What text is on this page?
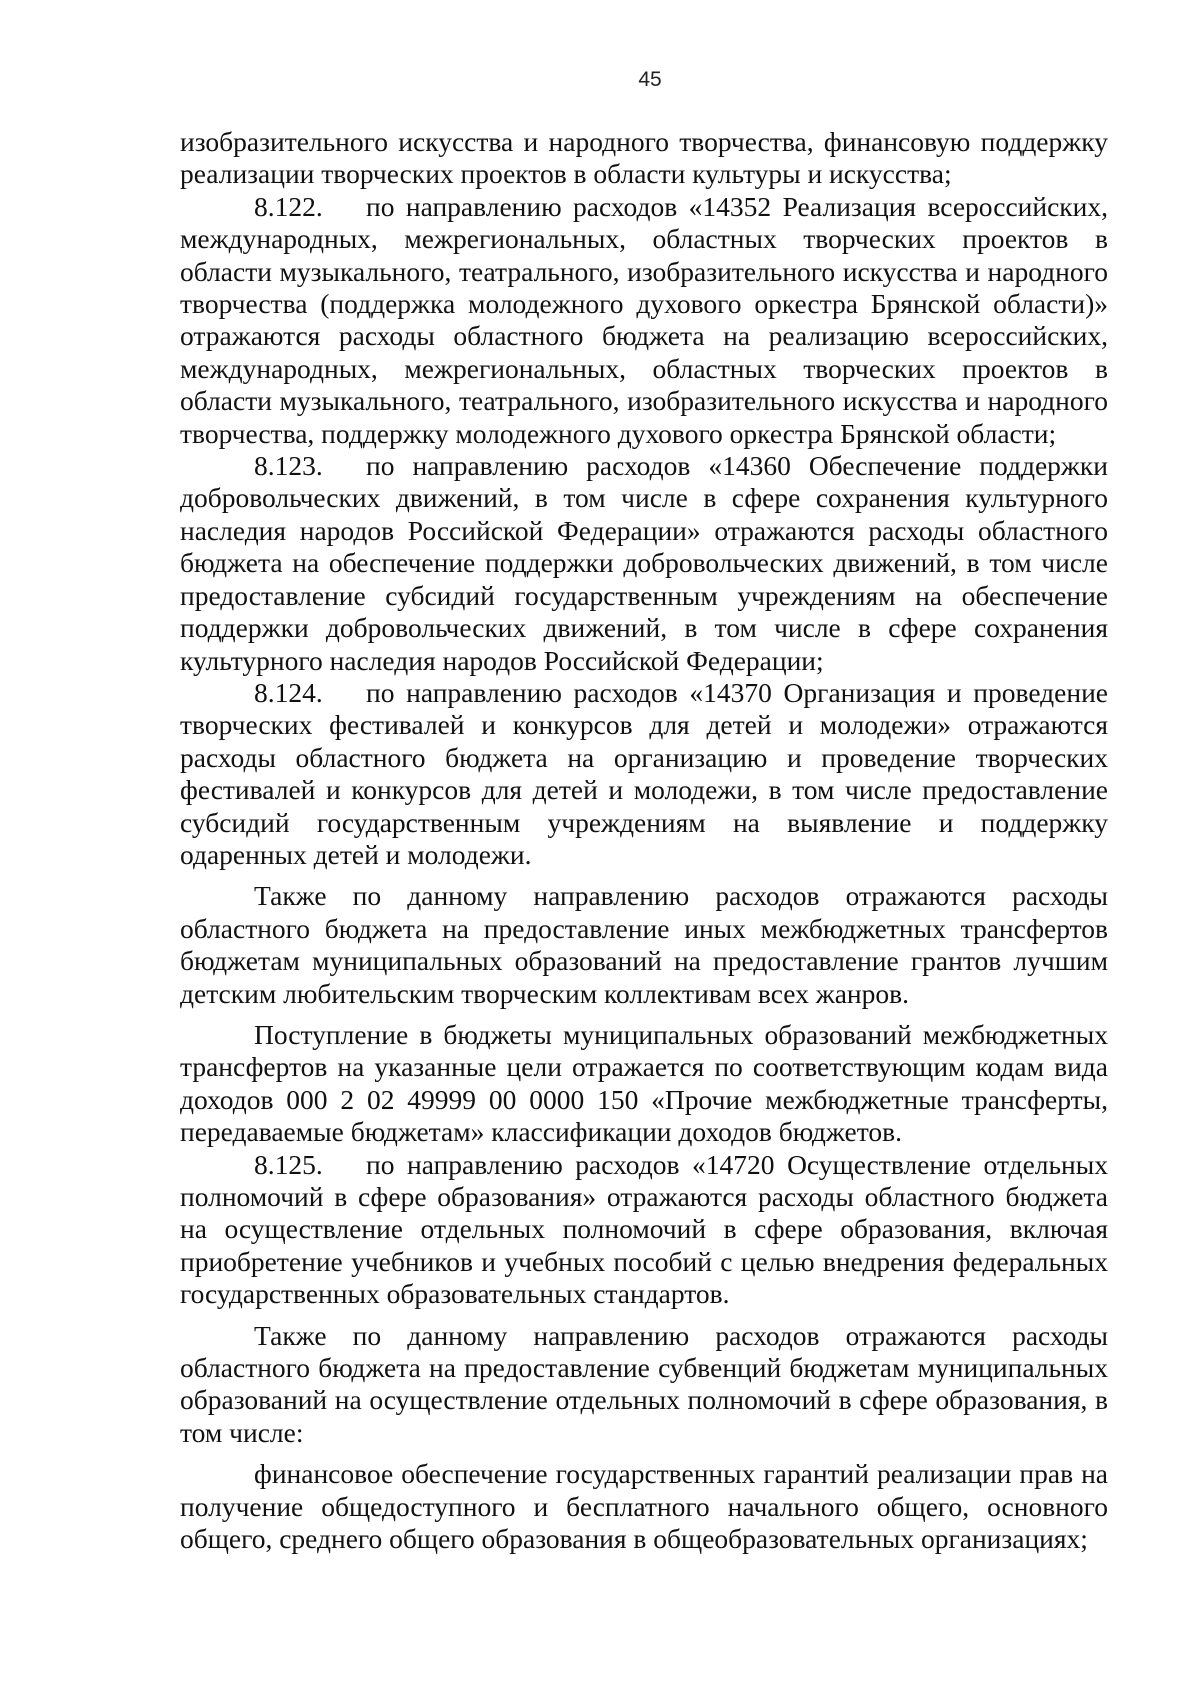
45

изобразительного искусства и народного творчества, финансовую поддержку реализации творческих проектов в области культуры и искусства;

8.122. по направлению расходов «14352 Реализация всероссийских, международных, межрегиональных, областных творческих проектов в области музыкального, театрального, изобразительного искусства и народного творчества (поддержка молодежного духового оркестра Брянской области)» отражаются расходы областного бюджета на реализацию всероссийских, международных, межрегиональных, областных творческих проектов в области музыкального, театрального, изобразительного искусства и народного творчества, поддержку молодежного духового оркестра Брянской области;

8.123. по направлению расходов «14360 Обеспечение поддержки добровольческих движений, в том числе в сфере сохранения культурного наследия народов Российской Федерации» отражаются расходы областного бюджета на обеспечение поддержки добровольческих движений, в том числе предоставление субсидий государственным учреждениям на обеспечение поддержки добровольческих движений, в том числе в сфере сохранения культурного наследия народов Российской Федерации;

8.124. по направлению расходов «14370 Организация и проведение творческих фестивалей и конкурсов для детей и молодежи» отражаются расходы областного бюджета на организацию и проведение творческих фестивалей и конкурсов для детей и молодежи, в том числе предоставление субсидий государственным учреждениям на выявление и поддержку одаренных детей и молодежи.

Также по данному направлению расходов отражаются расходы областного бюджета на предоставление иных межбюджетных трансфертов бюджетам муниципальных образований на предоставление грантов лучшим детским любительским творческим коллективам всех жанров.

Поступление в бюджеты муниципальных образований межбюджетных трансфертов на указанные цели отражается по соответствующим кодам вида доходов 000 2 02 49999 00 0000 150 «Прочие межбюджетные трансферты, передаваемые бюджетам» классификации доходов бюджетов.

8.125. по направлению расходов «14720 Осуществление отдельных полномочий в сфере образования» отражаются расходы областного бюджета на осуществление отдельных полномочий в сфере образования, включая приобретение учебников и учебных пособий с целью внедрения федеральных государственных образовательных стандартов.

Также по данному направлению расходов отражаются расходы областного бюджета на предоставление субвенций бюджетам муниципальных образований на осуществление отдельных полномочий в сфере образования, в том числе:

финансовое обеспечение государственных гарантий реализации прав на получение общедоступного и бесплатного начального общего, основного общего, среднего общего образования в общеобразовательных организациях;
